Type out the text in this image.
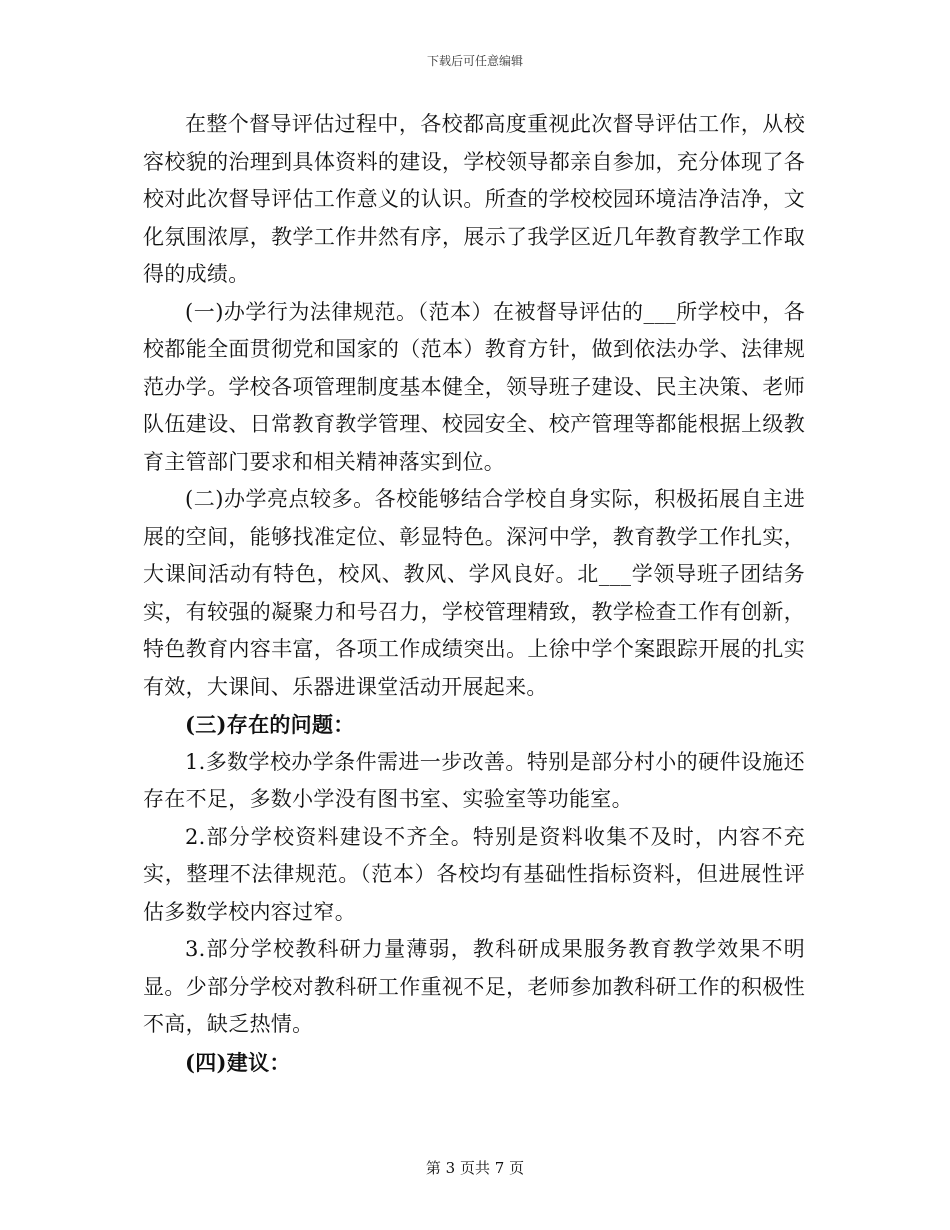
下载后可任意编辑

在整个督导评估过程中，各校都高度重视此次督导评估工作，从校容校貌的治理到具体资料的建设，学校领导都亲自参加，充分体现了各校对此次督导评估工作意义的认识。所查的学校校园环境洁净洁净，文化氛围浓厚，教学工作井然有序，展示了我学区近几年教育教学工作取得的成绩。

(一)办学行为法律规范。（范本）在被督导评估的___所学校中，各校都能全面贯彻党和国家的（范本）教育方针，做到依法办学、法律规范办学。学校各项管理制度基本健全，领导班子建设、民主决策、老师队伍建设、日常教育教学管理、校园安全、校产管理等都能根据上级教育主管部门要求和相关精神落实到位。

(二)办学亮点较多。各校能够结合学校自身实际，积极拓展自主进展的空间，能够找准定位、彰显特色。深河中学，教育教学工作扎实，大课间活动有特色，校风、教风、学风良好。北___学领导班子团结务实，有较强的凝聚力和号召力，学校管理精致，教学检查工作有创新，特色教育内容丰富，各项工作成绩突出。上徐中学个案跟踪开展的扎实有效，大课间、乐器进课堂活动开展起来。

(三)存在的问题：

1.多数学校办学条件需进一步改善。特别是部分村小的硬件设施还存在不足，多数小学没有图书室、实验室等功能室。

2.部分学校资料建设不齐全。特别是资料收集不及时，内容不充实，整理不法律规范。（范本）各校均有基础性指标资料，但进展性评估多数学校内容过窄。

3.部分学校教科研力量薄弱，教科研成果服务教育教学效果不明显。少部分学校对教科研工作重视不足，老师参加教科研工作的积极性不高，缺乏热情。

(四)建议：

第 3 页共 7 页
